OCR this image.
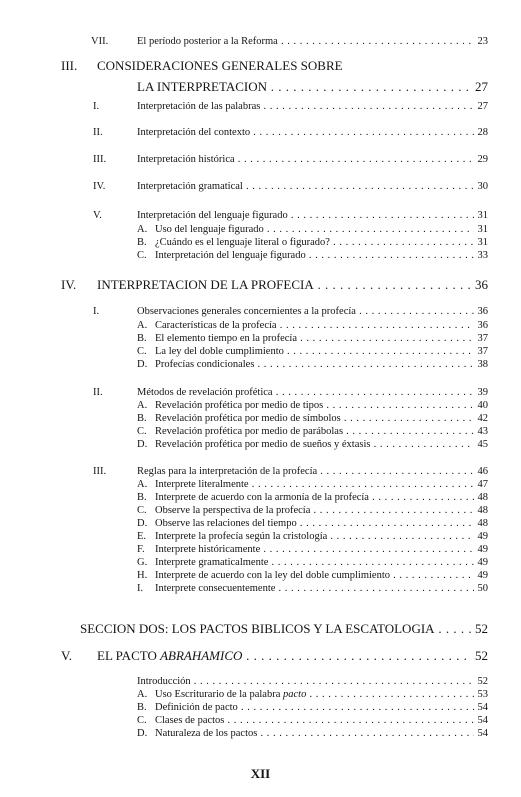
VII.	El período posterior a la Reforma . . .	23
III. CONSIDERACIONES GENERALES SOBRE
LA INTERPRETACION . . .	27
I.	Interpretación de las palabras . . .	27
II.	Interpretación del contexto . . .	28
III.	Interpretación histórica . . .	29
IV.	Interpretación gramatical . . .	30
V.	Interpretación del lenguaje figurado . . .	31
A. Uso del lenguaje figurado . . .	31
B. ¿Cuándo es el lenguaje literal o figurado? . . .	31
C. Interpretación del lenguaje figurado . . .	33
IV. INTERPRETACION DE LA PROFECIA . . .	36
I.	Observaciones generales concernientes a la profecía . . .	36
A. Características de la profecía . . .	36
B. El elemento tiempo en la profecía . . .	37
C. La ley del doble cumplimiento . . .	37
D. Profecías condicionales . . .	38
II.	Métodos de revelación profética . . .	39
A. Revelación profética por medio de tipos . . .	40
B. Revelación profética por medio de símbolos . . .	42
C. Revelación profética por medio de parábolas . . .	43
D. Revelación profética por medio de sueños y éxtasis . . .	45
III.	Reglas para la interpretación de la profecía . . .	46
A. Interprete literalmente . . .	47
B. Interprete de acuerdo con la armonía de la profecía . . .	48
C. Observe la perspectiva de la profecía . . .	48
D. Observe las relaciones del tiempo . . .	48
E. Interprete la profecía según la cristología . . .	49
F. Interprete históricamente . . .	49
G. Interprete gramaticalmente . . .	49
H. Interprete de acuerdo con la ley del doble cumplimiento . . .	49
I. Interprete consecuentemente . . .	50
SECCION DOS: LOS PACTOS BIBLICOS Y LA ESCATOLOGIA . . .	52
V. EL PACTO ABRAHAMICO . . .	52
Introducción . . .	52
A. Uso Escriturario de la palabra pacto . . .	53
B. Definición de pacto . . .	54
C. Clases de pactos . . .	54
D. Naturaleza de los pactos . . .	54
XII
